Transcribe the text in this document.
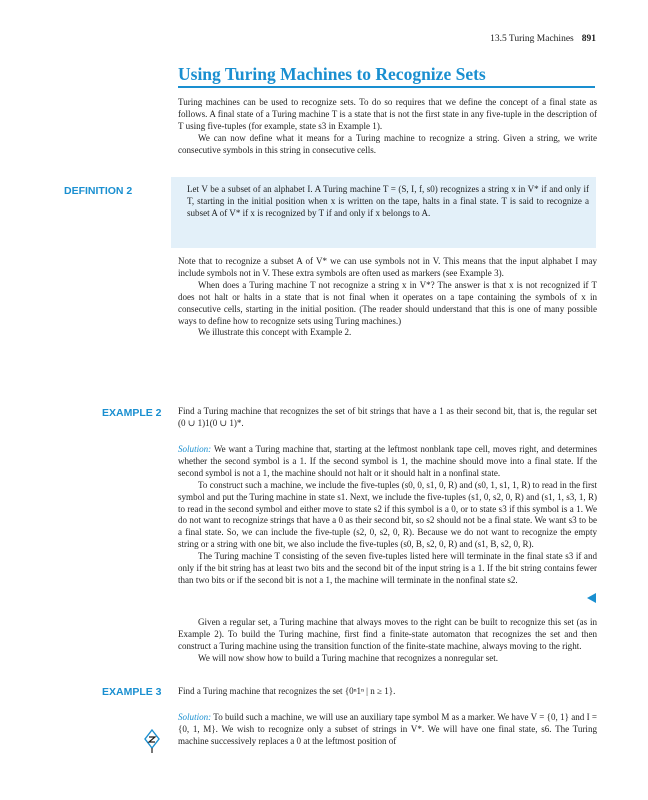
13.5 Turing Machines 891
Using Turing Machines to Recognize Sets

Turing machines can be used to recognize sets. To do so requires that we define the concept of a final state as follows. A final state of a Turing machine T is a state that is not the first state in any five-tuple in the description of T using five-tuples (for example, state s3 in Example 1).

We can now define what it means for a Turing machine to recognize a string. Given a string, we write consecutive symbols in this string in consecutive cells.

DEFINITION 2	Let V be a subset of an alphabet I. A Turing machine T = (S, I, f, s0) recognizes a string x in V* if and only if T, starting in the initial position when x is written on the tape, halts in a final state. T is said to recognize a subset A of V* if x is recognized by T if and only if x belongs to A.

Note that to recognize a subset A of V* we can use symbols not in V. This means that the input alphabet I may include symbols not in V. These extra symbols are often used as markers (see Example 3).

When does a Turing machine T not recognize a string x in V*? The answer is that x is not recognized if T does not halt or halts in a state that is not final when it operates on a tape containing the symbols of x in consecutive cells, starting in the initial position. (The reader should understand that this is one of many possible ways to define how to recognize sets using Turing machines.)

We illustrate this concept with Example 2.

EXAMPLE 2 Find a Turing machine that recognizes the set of bit strings that have a 1 as their second bit, that is, the regular set (0 ∪ 1)1(0 ∪ 1)*.

Solution: We want a Turing machine that, starting at the leftmost nonblank tape cell, moves right, and determines whether the second symbol is a 1. If the second symbol is 1, the machine should move into a final state. If the second symbol is not a 1, the machine should not halt or it should halt in a nonfinal state.

To construct such a machine, we include the five-tuples (s0, 0, s1, 0, R) and (s0, 1, s1, 1, R) to read in the first symbol and put the Turing machine in state s1. Next, we include the five-tuples (s1, 0, s2, 0, R) and (s1, 1, s3, 1, R) to read in the second symbol and either move to state s2 if this symbol is a 0, or to state s3 if this symbol is a 1. We do not want to recognize strings that have a 0 as their second bit, so s2 should not be a final state. We want s3 to be a final state. So, we can include the five-tuple (s2, 0, s2, 0, R). Because we do not want to recognize the empty string or a string with one bit, we also include the five-tuples (s0, B, s2, 0, R) and (s1, B, s2, 0, R).

The Turing machine T consisting of the seven five-tuples listed here will terminate in the final state s3 if and only if the bit string has at least two bits and the second bit of the input string is a 1. If the bit string contains fewer than two bits or if the second bit is not a 1, the machine will terminate in the nonfinal state s2.

Given a regular set, a Turing machine that always moves to the right can be built to recognize this set (as in Example 2). To build the Turing machine, first find a finite-state automaton that recognizes the set and then construct a Turing machine using the transition function of the finite-state machine, always moving to the right.

We will now show how to build a Turing machine that recognizes a nonregular set.

EXAMPLE 3 Find a Turing machine that recognizes the set {0ⁿ1ⁿ | n ≥ 1}.

Solution: To build such a machine, we will use an auxiliary tape symbol M as a marker. We have V = {0, 1} and I = {0, 1, M}. We wish to recognize only a subset of strings in V*. We will have one final state, s6. The Turing machine successively replaces a 0 at the leftmost position of
